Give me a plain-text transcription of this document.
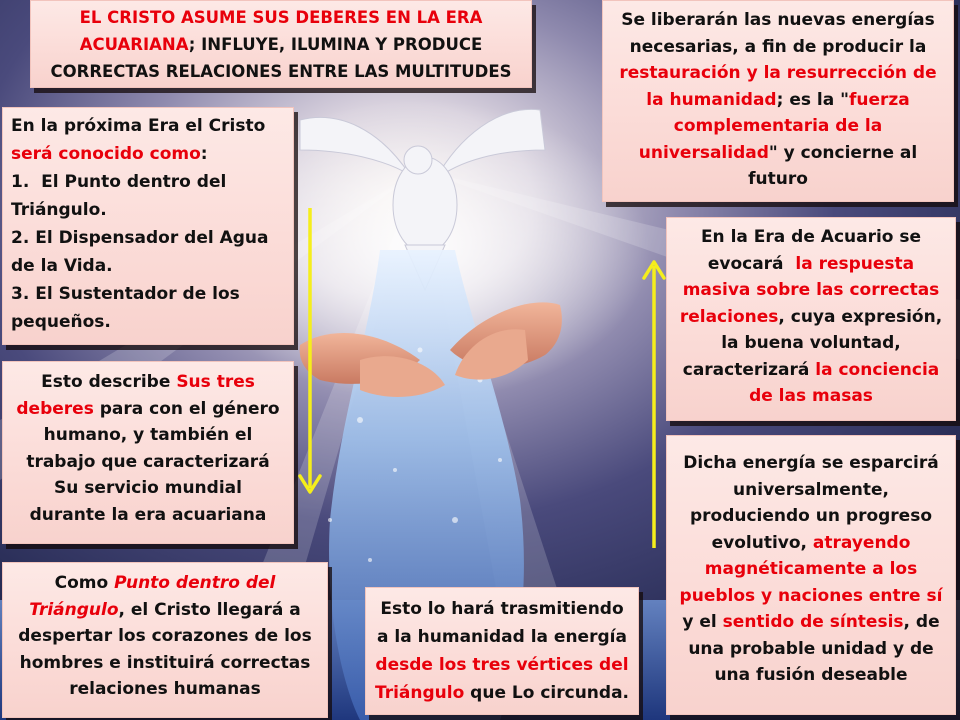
EL CRISTO ASUME SUS DEBERES EN LA ERA
ACUARIANA; INFLUYE, ILUMINA Y PRODUCE
CORRECTAS RELACIONES ENTRE LAS MULTITUDES
Se liberarán las nuevas energías
necesarias, a fin de producir la
restauración y la resurrección de
la humanidad; es la "fuerza
complementaria de la
universalidad" y concierne al
futuro
En la próxima Era el Cristo
será conocido como:
1.  El Punto dentro del
Triángulo.
2. El Dispensador del Agua
de la Vida.
3. El Sustentador de los
pequeños.
Esto describe Sus tres
deberes para con el género
humano, y también el
trabajo que caracterizará
Su servicio mundial
durante la era acuariana
Como Punto dentro del
Triángulo, el Cristo llegará a
despertar los corazones de los
hombres e instituirá correctas
relaciones humanas
Esto lo hará trasmitiendo
a la humanidad la energía
desde los tres vértices del
Triángulo que Lo circunda.
En la Era de Acuario se
evocará  la respuesta
masiva sobre las correctas
relaciones, cuya expresión,
la buena voluntad,
caracterizará la conciencia
de las masas
Dicha energía se esparcirá
universalmente,
produciendo un progreso
evolutivo, atrayendo
magnéticamente a los
pueblos y naciones entre sí
y el sentido de síntesis, de
una probable unidad y de
una fusión deseable
